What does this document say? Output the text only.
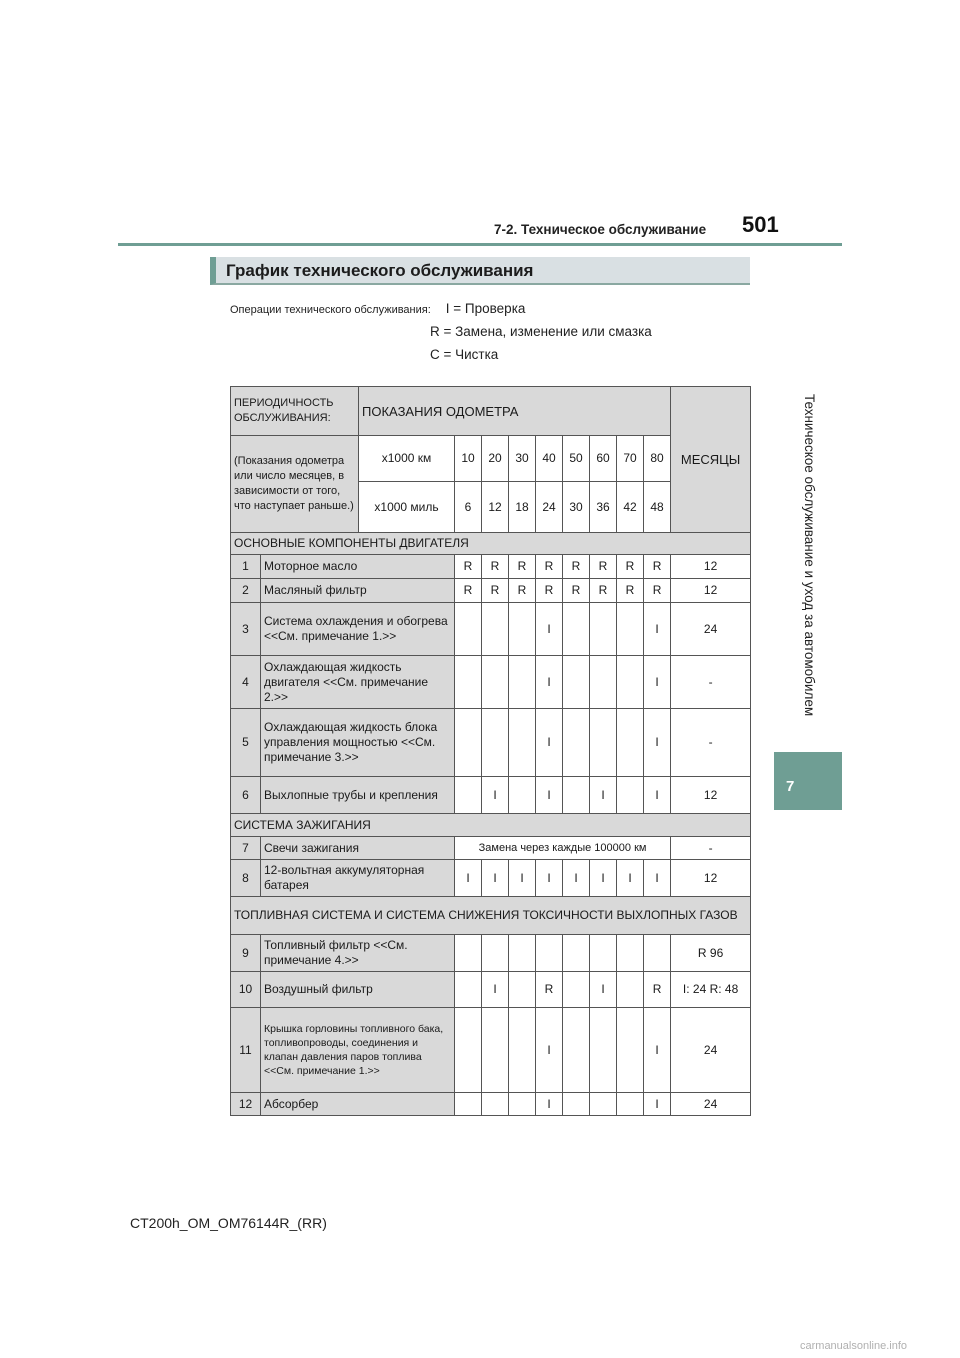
7-2. Техническое обслуживание 501
Техническое обслуживание и уход за автомобилем
7
График технического обслуживания
Операции технического обслуживания: I = Проверка
R = Замена, изменение или смазка
C = Чистка
ПЕРИОДИЧНОСТЬ ОБСЛУЖИВАНИЯ:		ПОКАЗАНИЯ ОДОМЕТРА									МЕСЯЦЫ
(Показания одометра или число месяцев, в зависимости от того, что наступает раньше.)		x1000 км	10	20	30	40	50	60	70	80	
		x1000 миль	6	12	18	24	30	36	42	48	
ОСНОВНЫЕ КОМПОНЕНТЫ ДВИГАТЕЛЯ											
1	Моторное масло		R	R	R	R	R	R	R	R	12
2	Масляный фильтр		R	R	R	R	R	R	R	R	12
3	Система охлаждения и обогрева <<См. примечание 1.>>					I				I	24
4	Охлаждающая жидкость двигателя <<См. примечание 2.>>					I				I	-
5	Охлаждающая жидкость блока управления мощностью <<См. примечание 3.>>					I				I	-
6	Выхлопные трубы и крепления			I		I		I		I	12
СИСТЕМА ЗАЖИГАНИЯ											
7	Свечи зажигания		Замена через каждые 100000 км								-
8	12-вольтная аккумуляторная батарея		I	I	I	I	I	I	I	I	12
ТОПЛИВНАЯ СИСТЕМА И СИСТЕМА СНИЖЕНИЯ ТОКСИЧНОСТИ ВЫХЛОПНЫХ ГАЗОВ											
9	Топливный фильтр <<См. примечание 4.>>										R 96
10	Воздушный фильтр			I		R		I		R	I: 24 R: 48
11	Крышка горловины топливного бака, топливопроводы, соединения и клапан давления паров топлива <<См. примечание 1.>>					I				I	24
12	Абсорбер					I				I	24
CT200h_OM_OM76144R_(RR)
carmanualsonline.info
